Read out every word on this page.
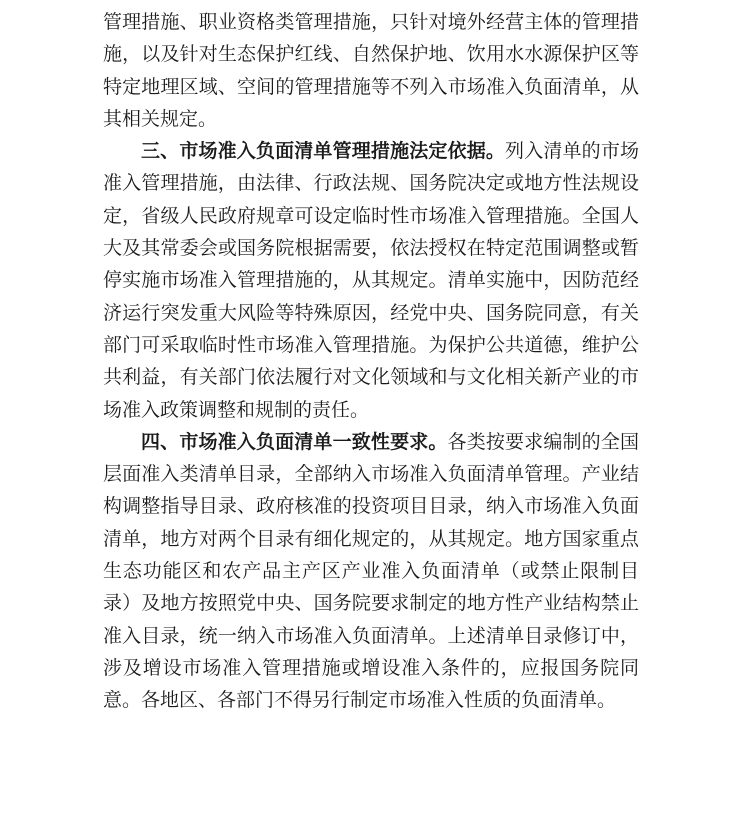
管理措施、职业资格类管理措施，只针对境外经营主体的管理措
施，以及针对生态保护红线、自然保护地、饮用水水源保护区等
特定地理区域、空间的管理措施等不列入市场准入负面清单，从
其相关规定。
三、市场准入负面清单管理措施法定依据。列入清单的市场
准入管理措施，由法律、行政法规、国务院决定或地方性法规设
定，省级人民政府规章可设定临时性市场准入管理措施。全国人
大及其常委会或国务院根据需要，依法授权在特定范围调整或暂
停实施市场准入管理措施的，从其规定。清单实施中，因防范经
济运行突发重大风险等特殊原因，经党中央、国务院同意，有关
部门可采取临时性市场准入管理措施。为保护公共道德，维护公
共利益，有关部门依法履行对文化领域和与文化相关新产业的市
场准入政策调整和规制的责任。
四、市场准入负面清单一致性要求。各类按要求编制的全国
层面准入类清单目录，全部纳入市场准入负面清单管理。产业结
构调整指导目录、政府核准的投资项目目录，纳入市场准入负面
清单，地方对两个目录有细化规定的，从其规定。地方国家重点
生态功能区和农产品主产区产业准入负面清单（或禁止限制目
录）及地方按照党中央、国务院要求制定的地方性产业结构禁止
准入目录，统一纳入市场准入负面清单。上述清单目录修订中，
涉及增设市场准入管理措施或增设准入条件的，应报国务院同
意。各地区、各部门不得另行制定市场准入性质的负面清单。
